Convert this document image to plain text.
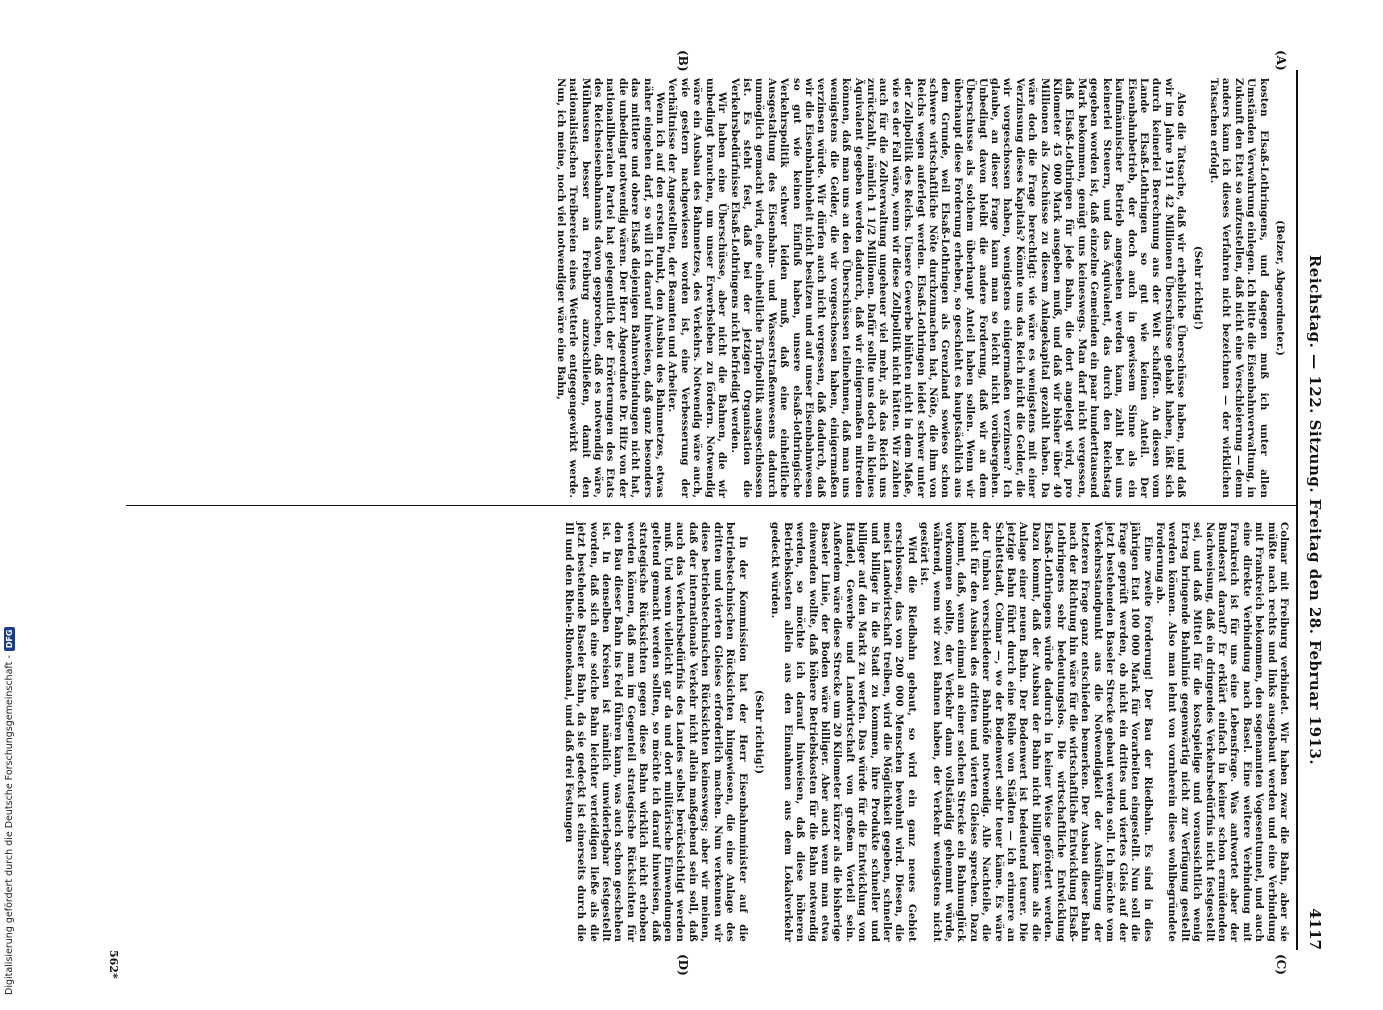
Reichstag. — 122. Sitzung. Freitag den 28. Februar 1913.
4117
(A)
(B)
(C)
(D)

(Belzer, Abgeordneter.)

kosten Elsaß-Lothringens, und dagegen muß ich unter allen Umständen Verwahrung einlegen. Ich bitte die Eisenbahnverwaltung, in Zukunft den Etat so aufzustellen, daß nicht eine Verschleierung — denn anders kann ich dieses Verfahren nicht bezeichnen — der wirklichen Tatsachen erfolgt.

(Sehr richtig!)

Also die Tatsache, daß wir erhebliche Überschüsse haben, und daß wir im Jahre 1911 42 Millionen Überschüsse gehabt haben, läßt sich durch keinerlei Berechnung aus der Welt schaffen. An diesen vom Lande Elsaß-Lothringen so gut wie keinen Anteil. Der Eisenbahnbetrieb, der doch auch in gewissem Sinne als ein kaufmännischer Betrieb angesehen werden kann, zahlt bei uns keinerlei Steuern, und das Äquivalent, das durch den Reichstag gegeben worden ist, daß einzelne Gemeinden ein paar hunderttausend Mark bekommen, genügt uns keineswegs. Man darf nicht vergessen, daß Elsaß-Lothringen für jede Bahn, die dort angelegt wird, pro Kilometer 45 000 Mark ausgeben muß, und daß wir bisher über 40 Millionen als Zuschüsse zu diesem Anlagekapital gezahlt haben. Da wäre doch die Frage berechtigt: wie wäre es wenigstens mit einer Verzinsung dieses Kapitals? Könnte uns das Reich nicht die Gelder, die wir vorgeschossen haben, wenigstens einigermaßen verzinsen? Ich glaube, an dieser Frage kann man so leicht nicht vorübergehen. Unbedingt davon bleibt die andere Forderung, daß wir an dem Überschusse als solchem überhaupt Anteil haben sollen. Wenn wir überhaupt diese Forderung erheben, so geschieht es hauptsächlich aus dem Grunde, weil Elsaß-Lothringen als Grenzland sowieso schon schwere wirtschaftliche Nöte durchzumachen hat, Nöte, die ihm von Reichs wegen auferlegt werden. Elsaß-Lothringen leidet schwer unter der Zollpolitik des Reichs. Unsere Gewerbe blühten nicht in dem Maße, wie es der Fall wäre, wenn wir diese Zollpolitik nicht hätten. Wir zahlen auch für die Zollverwaltung ungeheuer viel mehr, als das Reich uns zurückzahlt, nämlich 1 1/2 Millionen. Dafür sollte uns doch ein kleines Äquivalent gegeben werden dadurch, daß wir einigermaßen mitreden können, daß man uns an den Überschüssen teilnehmen, daß man uns wenigstens die Gelder, die wir vorgeschossen haben, einigermaßen verzinsen würde. Wir dürfen auch nicht vergessen, daß dadurch, daß wir die Eisenbahnhoheit nicht besitzen und auf unser Eisenbahnwesen so gut wie keinen Einfluß haben, unsere elsaß-lothringische Verkehrspolitik schwer leiden muß, daß eine einheitliche Ausgestaltung des Eisenbahn- und Wasserstraßenwesens dadurch unmöglich gemacht wird, eine einheitliche Tarifpolitik ausgeschlossen ist. Es steht fest, daß bei der jetzigen Organisation die Verkehrsbedürfnisse Elsaß-Lothringens nicht befriedigt werden.

Wir haben eine Überschüsse, aber nicht die Bahnen, die wir unbedingt brauchen, um unser Erwerbsleben zu fördern. Notwendig wäre ein Ausbau des Bahnnetzes, des Verkehrs. Notwendig wäre auch, wie gestern nachgewiesen worden ist, eine Verbesserung der Verhältnisse der Angestellten, der Beamten und Arbeiter.

Wenn ich auf den ersten Punkt, den Ausbau des Bahnnetzes, etwas näher eingehen darf, so will ich darauf hinweisen, daß ganz besonders das mittlere und obere Elsaß diejenigen Bahnverbindungen nicht hat, die unbedingt notwendig wären. Der Herr Abgeordnete Dr. Hitz von der nationalliberalen Partei hat gelegentlich der Erörterungen des Etats des Reichseisenbahnamts davon gesprochen, daß es notwendig wäre, Mülhausen besser an Freiburg anzuschließen, damit den nationalistischen Treibereien eines Wetterle entgegengewirkt werde. Nun, ich meine, noch viel notwendiger wäre eine Bahn,

Colmar mit Freiburg verbindet. Wir haben zwar die Bahn, aber sie müßte nach rechts und links ausgebaut werden und eine Verbindung mit Frankreich bekommen, den sogenannten Vogesentunnel, und auch eine direkte Verbindung nach Basel. Eine weitere Verbindung mit Frankreich ist für uns eine Lebensfrage. Was antwortet aber der Bundesrat darauf? Er erklärt einfach in keiner schon ermüdenden Nachweisung, daß ein dringendes Verkehrsbedürfnis nicht festgestellt sei, und daß Mittel für die kostspielige und voraussichtlich wenig Ertrag bringende Bahnlinie gegenwärtig nicht zur Verfügung gestellt werden können. Also man lehnt von vornherein diese wohlbegründete Forderung ab.

Eine zweite Forderung! Der Bau der Riedbahn. Es sind in dies jährigen Etat 100 000 Mark für Vorarbeiten eingestellt. Nun soll die Frage geprüft werden, ob nicht ein drittes und viertes Gleis auf der jetzt bestehenden Baseler Strecke gebaut werden soll. Ich möchte vom Verkehrsstandpunkt aus die Notwendigkeit der Ausführung der letzteren Frage ganz entschieden bemerken. Der Ausbau dieser Bahn nach der Richtung hin wäre für die wirtschaftliche Entwicklung Elsaß-Lothringens sehr bedeutungslos. Die wirtschaftliche Entwicklung Elsaß-Lothringens würde dadurch in keiner Weise gefördert werden. Dazu kommt, daß der Ausbau der Bahn nicht billiger käme als die Anlage einer neuen Bahn. Der Bodenwert ist bedeutend teurer. Die jetzige Bahn führt durch eine Reihe von Städten — ich erinnere an Schlettstadt, Colmar —, wo der Bodenwert sehr teuer käme. Es wäre der Umbau verschiedener Bahnhöfe notwendig. Alle Nachteile, die nicht für den Ausbau des dritten und vierten Gleises sprechen. Dazu kommt, daß, wenn einmal an einer solchen Strecke ein Bahnunglück vorkommen sollte, der Verkehr dann vollständig gehemmt würde, während, wenn wir zwei Bahnen haben, der Verkehr wenigstens nicht gestört ist.

Wird die Riedbahn gebaut, so wird ein ganz neues Gebiet erschlossen, das von 200 000 Menschen bewohnt wird. Diesen, die meist Landwirtschaft treiben, wird die Möglichkeit gegeben, schneller und billiger in die Stadt zu kommen, ihre Produkte schneller und billiger auf den Markt zu werfen. Das würde für die Entwicklung von Handel, Gewerbe und Landwirtschaft von großem Vorteil sein. Außerdem wäre diese Strecke um 20 Kilometer kürzer als die bisherige Baseler Linie, der Boden wäre billiger. Aber auch wenn man etwa einwenden wollte, daß höhere Betriebskosten für die Bahn notwendig werden, so möchte ich darauf hinweisen, daß diese höheren Betriebskosten allein aus den Einnahmen aus dem Lokalverkehr gedeckt würden.

(Sehr richtig!)

In der Kommission hat der Herr Eisenbahnminister auf die betriebstechnischen Rücksichten hingewiesen, die eine Anlage des dritten und vierten Gleises erforderlich machen. Nun verkennen wir diese betriebstechnischen Rücksichten keineswegs; aber wir meinen, daß der internationale Verkehr nicht allein maßgebend sein soll, daß auch das Verkehrsbedürfnis des Landes selbst berücksichtigt werden muß. Und wenn vielleicht gar da und dort militärische Einwendungen geltend gemacht werden sollten, so möchte ich darauf hinweisen, daß strategische Rücksichten gegen diese Bahn wirklich nicht erhoben werden können, daß man im Gegenteil strategische Rücksichten für den Bau dieser Bahn ins Feld führen kann, was auch schon geschehen ist. In denselben Kreisen ist nämlich unwiderlegbar festgestellt worden, daß sich eine solche Bahn leichter verteidigen ließe als die jetzt bestehende Baseler Bahn, da sie gedeckt ist einerseits durch die Ill und den Rhein-Rhonekanal, und daß drei Festungen

562*
Digitalisierung gefördert durch die Deutsche Forschungsgemeinschaft -DFG
